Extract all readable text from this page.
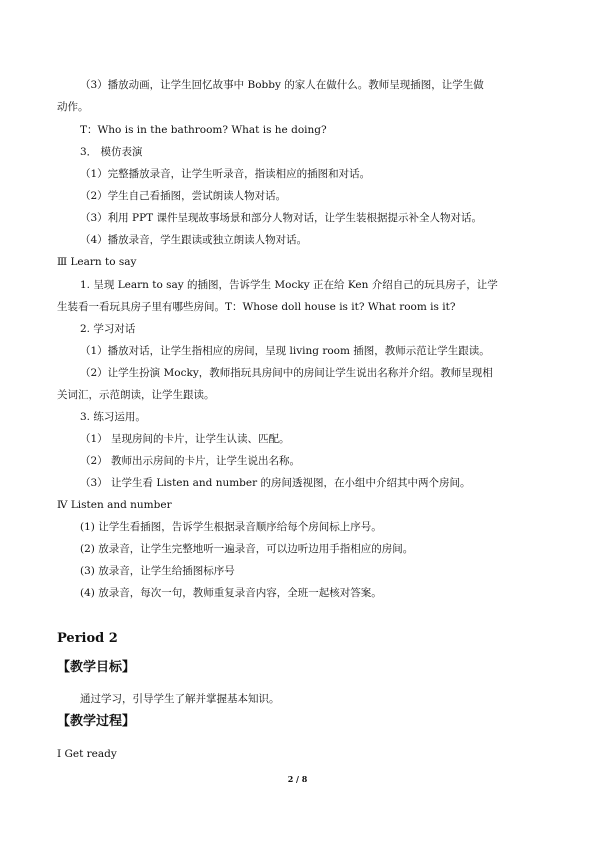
（3）播放动画，让学生回忆故事中 Bobby 的家人在做什么。教师呈现插图，让学生做
动作。
T：Who is in the bathroom? What is he doing?
3． 模仿表演
（1）完整播放录音，让学生听录音，指读相应的插图和对话。
（2）学生自己看插图，尝试朗读人物对话。
（3）利用 PPT 课件呈现故事场景和部分人物对话，让学生装根据提示补全人物对话。
（4）播放录音，学生跟读或独立朗读人物对话。
Ⅲ Learn to say
1. 呈现 Learn to say 的插图，告诉学生 Mocky 正在给 Ken 介绍自己的玩具房子，让学
生装看一看玩具房子里有哪些房间。T：Whose doll house is it? What room is it?
2. 学习对话
（1）播放对话，让学生指相应的房间，呈现 living room 插图，教师示范让学生跟读。
（2）让学生扮演 Mocky，教师指玩具房间中的房间让学生说出名称并介绍。教师呈现相
关词汇，示范朗读，让学生跟读。
3. 练习运用。
（1） 呈现房间的卡片，让学生认读、匹配。
（2） 教师出示房间的卡片，让学生说出名称。
（3） 让学生看 Listen and number 的房间透视图，在小组中介绍其中两个房间。
Ⅳ Listen and number
(1) 让学生看插图，告诉学生根据录音顺序给每个房间标上序号。
(2) 放录音，让学生完整地听一遍录音，可以边听边用手指相应的房间。
(3) 放录音，让学生给插图标序号
(4) 放录音，每次一句，教师重复录音内容，全班一起核对答案。
Period 2
【教学目标】
通过学习，引导学生了解并掌握基本知识。
【教学过程】
Ⅰ Get ready
2 / 8
